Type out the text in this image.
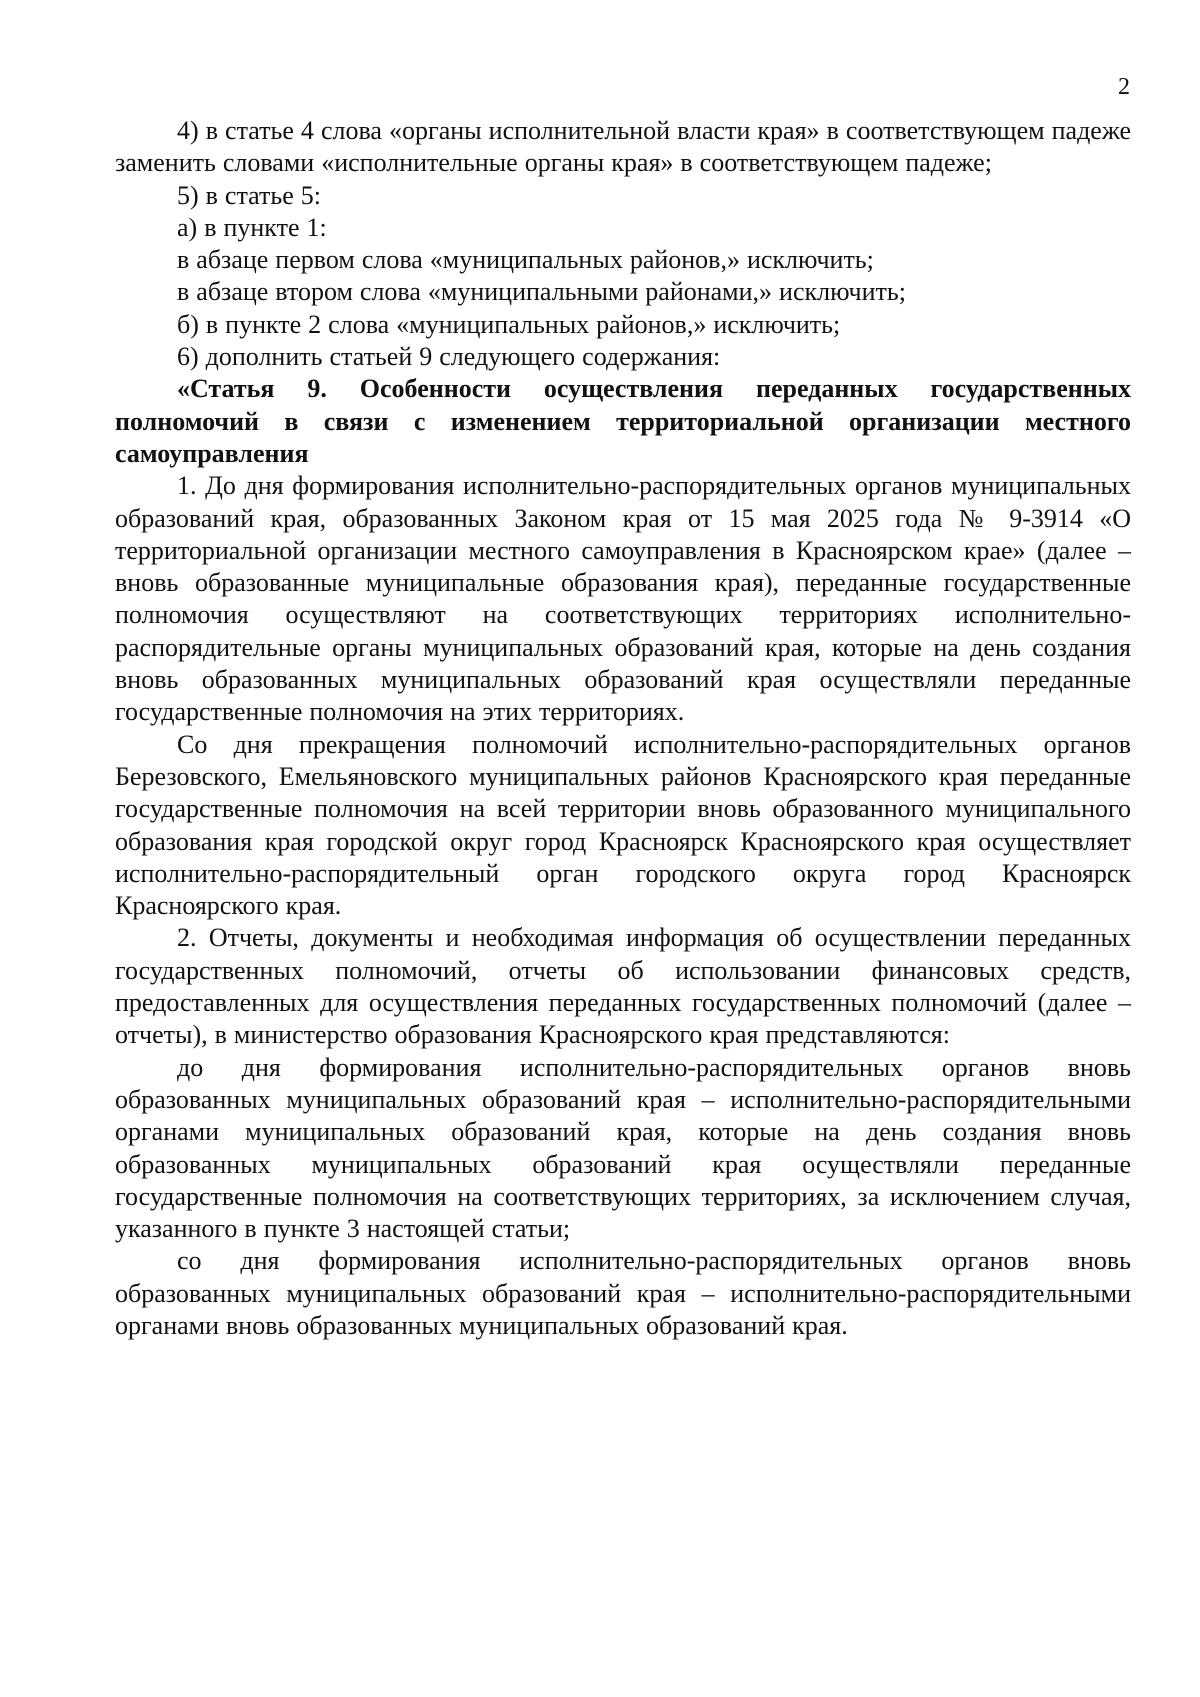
2

4) в статье 4 слова «органы исполнительной власти края» в соответствующем падеже заменить словами «исполнительные органы края» в соответствующем падеже;

5) в статье 5:

а) в пункте 1:

в абзаце первом слова «муниципальных районов,» исключить;

в абзаце втором слова «муниципальными районами,» исключить;

б) в пункте 2 слова «муниципальных районов,» исключить;

6) дополнить статьей 9 следующего содержания:

«Статья 9. Особенности осуществления переданных государственных полномочий в связи с изменением территориальной организации местного самоуправления

1. До дня формирования исполнительно-распорядительных органов муниципальных образований края, образованных Законом края от 15 мая 2025 года № 9-3914 «О территориальной организации местного самоуправления в Красноярском крае» (далее – вновь образованные муниципальные образования края), переданные государственные полномочия осуществляют на соответствующих территориях исполнительно-распорядительные органы муниципальных образований края, которые на день создания вновь образованных муниципальных образований края осуществляли переданные государственные полномочия на этих территориях.

Со дня прекращения полномочий исполнительно-распорядительных органов Березовского, Емельяновского муниципальных районов Красноярского края переданные государственные полномочия на всей территории вновь образованного муниципального образования края городской округ город Красноярск Красноярского края осуществляет исполнительно-распорядительный орган городского округа город Красноярск Красноярского края.

2. Отчеты, документы и необходимая информация об осуществлении переданных государственных полномочий, отчеты об использовании финансовых средств, предоставленных для осуществления переданных государственных полномочий (далее – отчеты), в министерство образования Красноярского края представляются:

до дня формирования исполнительно-распорядительных органов вновь образованных муниципальных образований края – исполнительно-распорядительными органами муниципальных образований края, которые на день создания вновь образованных муниципальных образований края осуществляли переданные государственные полномочия на соответствующих территориях, за исключением случая, указанного в пункте 3 настоящей статьи;

со дня формирования исполнительно-распорядительных органов вновь образованных муниципальных образований края – исполнительно-распорядительными органами вновь образованных муниципальных образований края.
